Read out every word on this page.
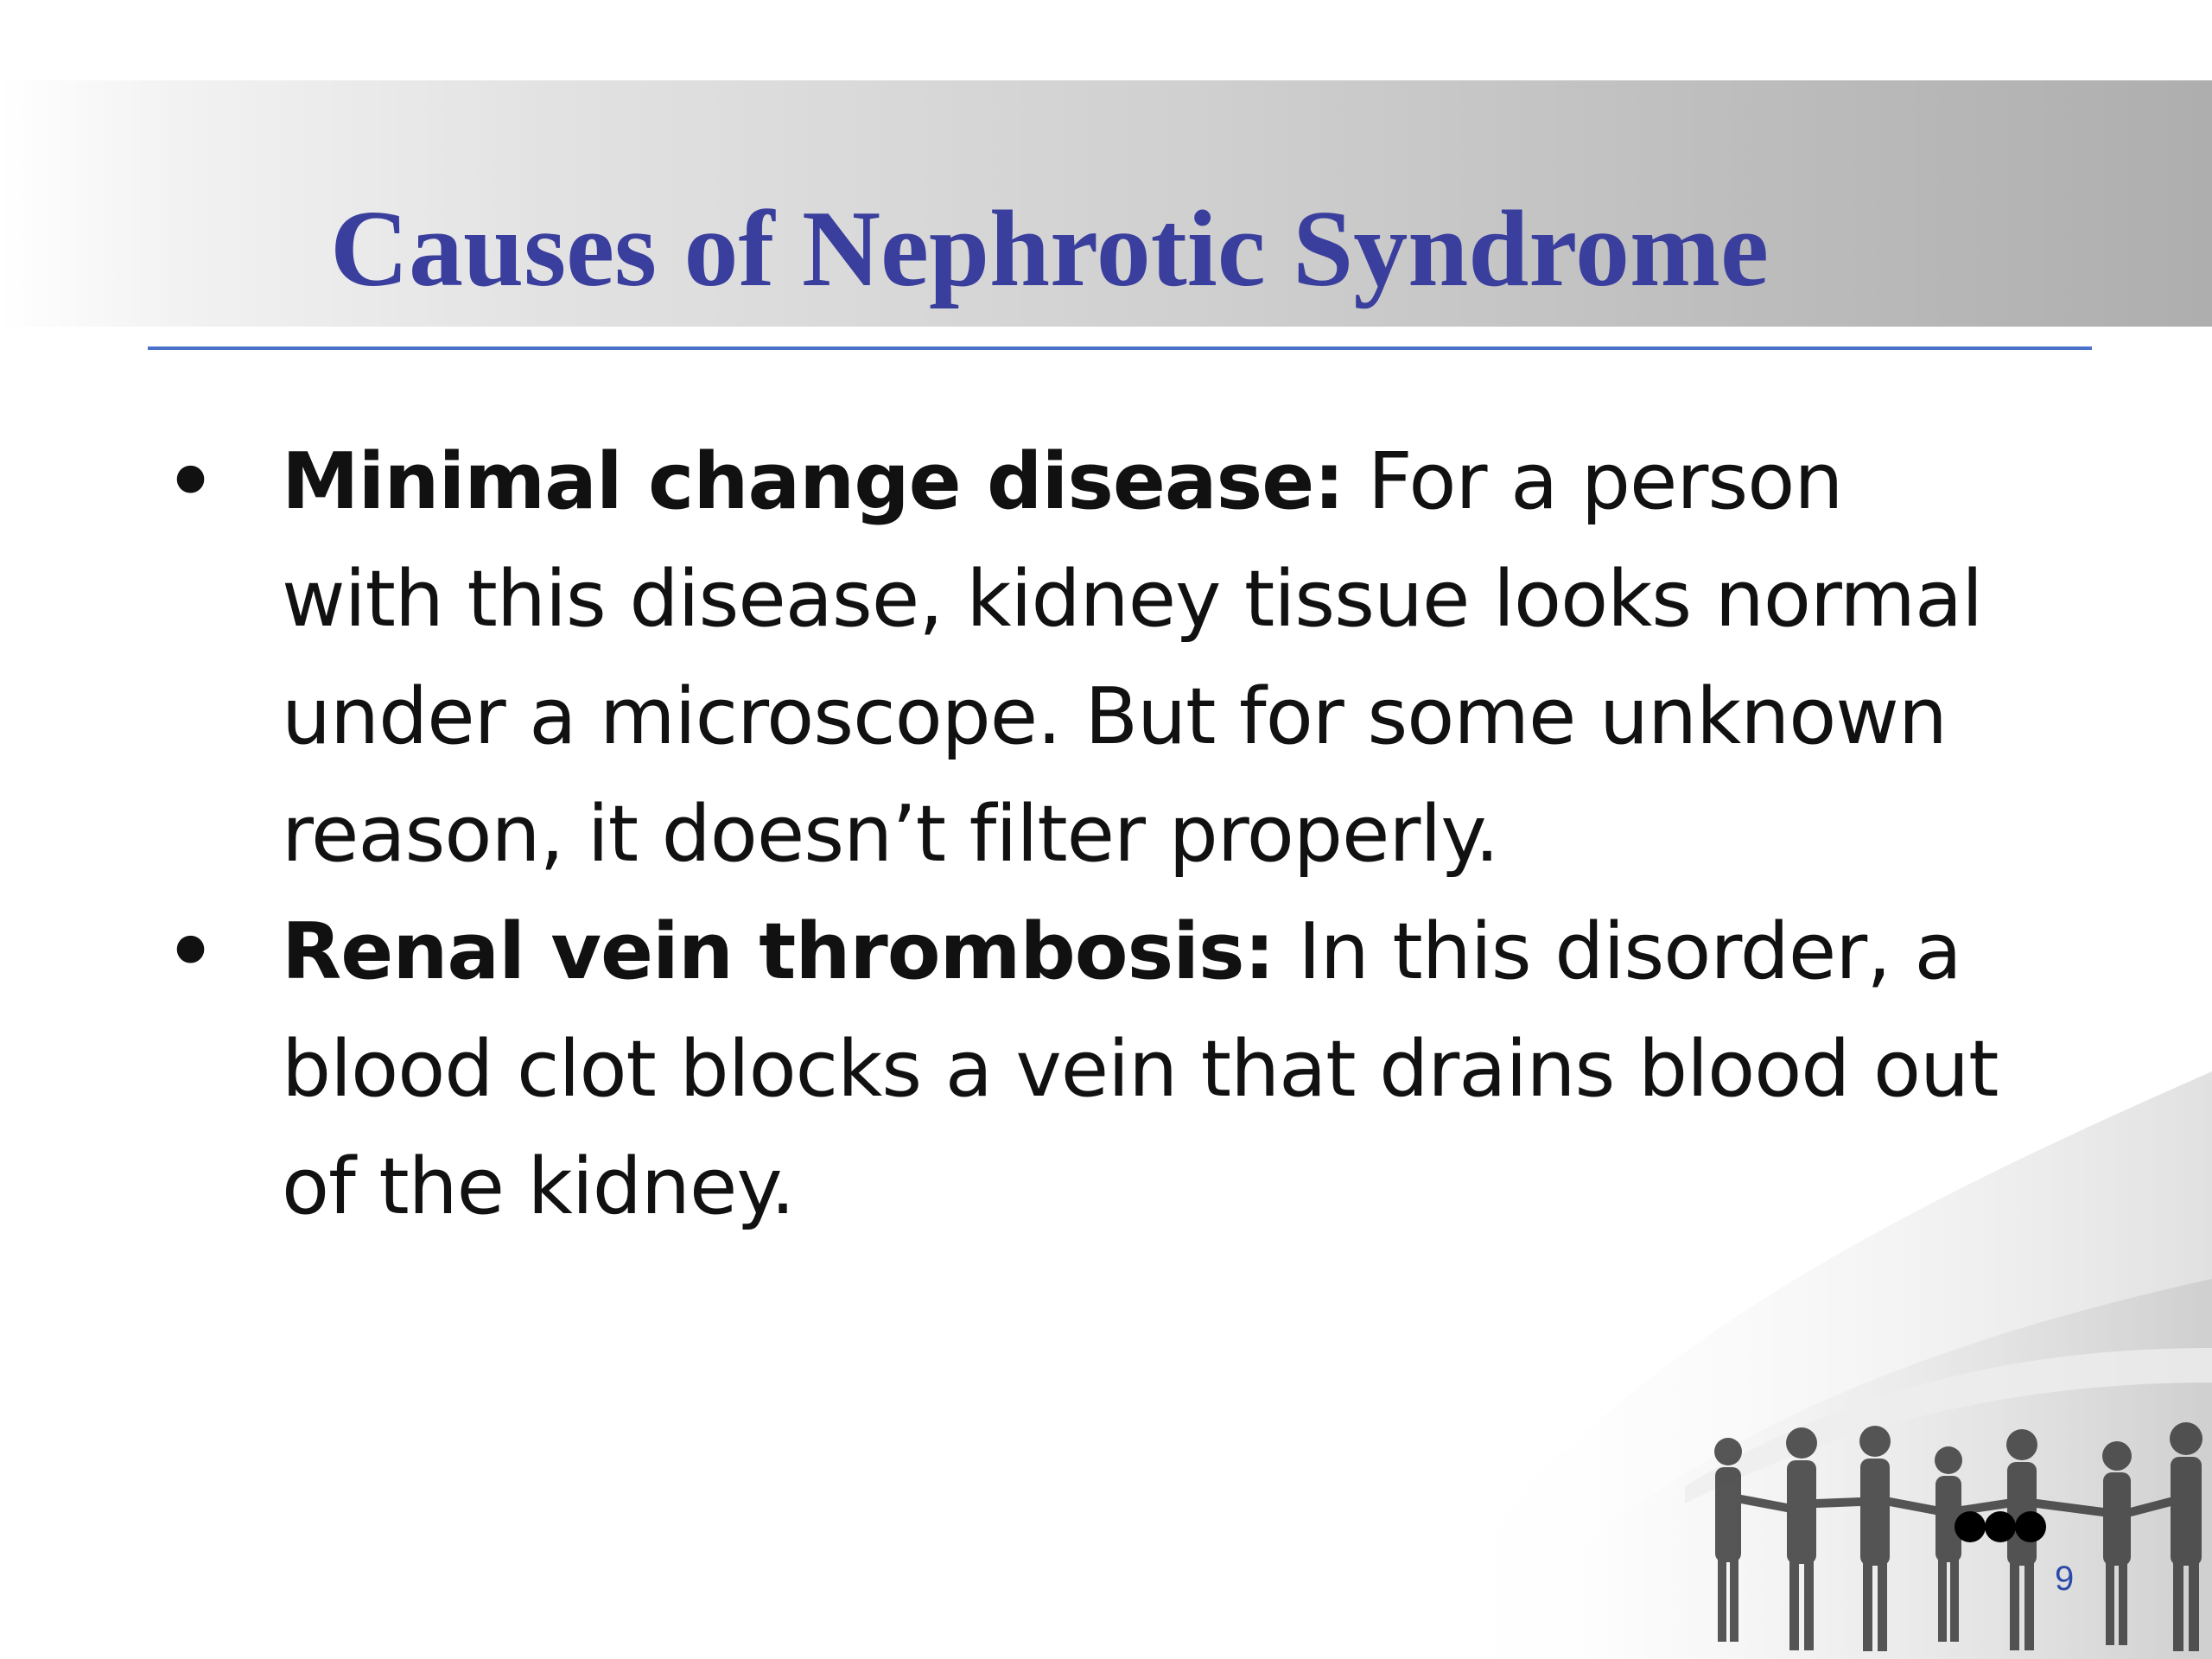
Causes of Nephrotic Syndrome
• Minimal change disease: For a person with this disease, kidney tissue looks normal under a microscope. But for some unknown reason, it doesn’t filter properly.
• Renal vein thrombosis: In this disorder, a blood clot blocks a vein that drains blood out of the kidney.
9
